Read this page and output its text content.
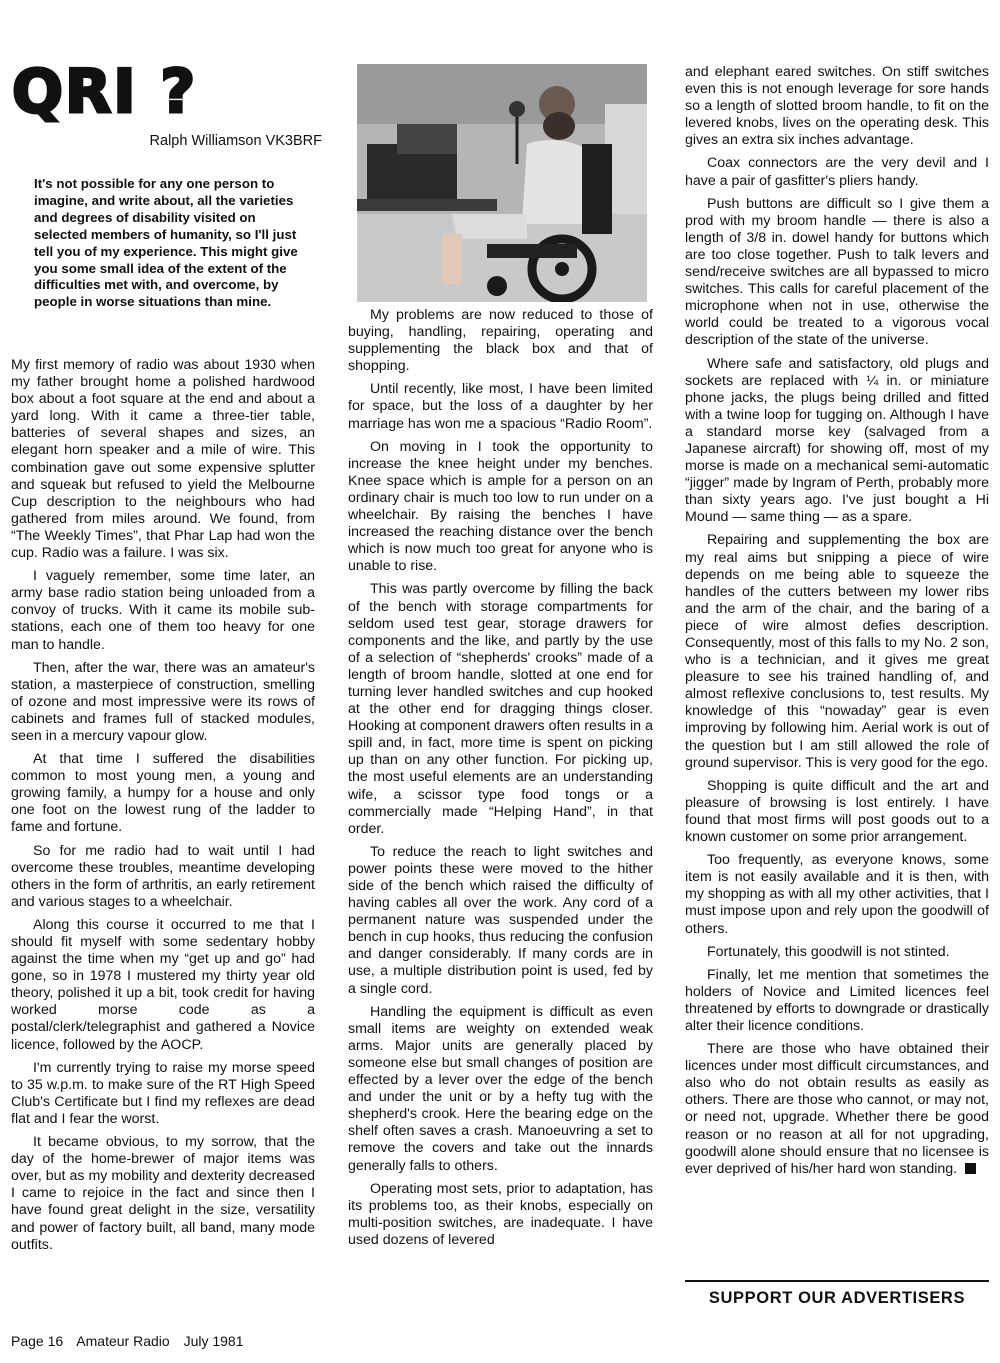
QRI ?
Ralph Williamson VK3BRF

It's not possible for any one person to imagine, and write about, all the varieties and degrees of disability visited on selected members of humanity, so I'll just tell you of my experience. This might give you some small idea of the extent of the difficulties met with, and overcome, by people in worse situations than mine.

My first memory of radio was about 1930 when my father brought home a polished hardwood box about a foot square at the end and about a yard long. With it came a three-tier table, batteries of several shapes and sizes, an elegant horn speaker and a mile of wire. This combination gave out some expensive splutter and squeak but refused to yield the Melbourne Cup description to the neighbours who had gathered from miles around. We found, from “The Weekly Times”, that Phar Lap had won the cup. Radio was a failure. I was six.

I vaguely remember, some time later, an army base radio station being unloaded from a convoy of trucks. With it came its mobile sub-stations, each one of them too heavy for one man to handle.

Then, after the war, there was an amateur's station, a masterpiece of construction, smelling of ozone and most impressive were its rows of cabinets and frames full of stacked modules, seen in a mercury vapour glow.

At that time I suffered the disabilities common to most young men, a young and growing family, a humpy for a house and only one foot on the lowest rung of the ladder to fame and fortune.

So for me radio had to wait until I had overcome these troubles, meantime developing others in the form of arthritis, an early retirement and various stages to a wheelchair.

Along this course it occurred to me that I should fit myself with some sedentary hobby against the time when my “get up and go” had gone, so in 1978 I mustered my thirty year old theory, polished it up a bit, took credit for having worked morse code as a postal/clerk/telegraphist and gathered a Novice licence, followed by the AOCP.

I'm currently trying to raise my morse speed to 35 w.p.m. to make sure of the RT High Speed Club's Certificate but I find my reflexes are dead flat and I fear the worst.

It became obvious, to my sorrow, that the day of the home-brewer of major items was over, but as my mobility and dexterity decreased I came to rejoice in the fact and since then I have found great delight in the size, versatility and power of factory built, all band, many mode outfits.

My problems are now reduced to those of buying, handling, repairing, operating and supplementing the black box and that of shopping.

Until recently, like most, I have been limited for space, but the loss of a daughter by her marriage has won me a spacious “Radio Room”.

On moving in I took the opportunity to increase the knee height under my benches. Knee space which is ample for a person on an ordinary chair is much too low to run under on a wheelchair. By raising the benches I have increased the reaching distance over the bench which is now much too great for anyone who is unable to rise.

This was partly overcome by filling the back of the bench with storage compartments for seldom used test gear, storage drawers for components and the like, and partly by the use of a selection of “shepherds' crooks” made of a length of broom handle, slotted at one end for turning lever handled switches and cup hooked at the other end for dragging things closer. Hooking at component drawers often results in a spill and, in fact, more time is spent on picking up than on any other function. For picking up, the most useful elements are an understanding wife, a scissor type food tongs or a commercially made “Helping Hand”, in that order.

To reduce the reach to light switches and power points these were moved to the hither side of the bench which raised the difficulty of having cables all over the work. Any cord of a permanent nature was suspended under the bench in cup hooks, thus reducing the confusion and danger considerably. If many cords are in use, a multiple distribution point is used, fed by a single cord.

Handling the equipment is difficult as even small items are weighty on extended weak arms. Major units are generally placed by someone else but small changes of position are effected by a lever over the edge of the bench and under the unit or by a hefty tug with the shepherd's crook. Here the bearing edge on the shelf often saves a crash. Manoeuvring a set to remove the covers and take out the innards generally falls to others.

Operating most sets, prior to adaptation, has its problems too, as their knobs, especially on multi-position switches, are inadequate. I have used dozens of levered

and elephant eared switches. On stiff switches even this is not enough leverage for sore hands so a length of slotted broom handle, to fit on the levered knobs, lives on the operating desk. This gives an extra six inches advantage.

Coax connectors are the very devil and I have a pair of gasfitter's pliers handy.

Push buttons are difficult so I give them a prod with my broom handle — there is also a length of 3/8 in. dowel handy for buttons which are too close together. Push to talk levers and send/receive switches are all bypassed to micro switches. This calls for careful placement of the microphone when not in use, otherwise the world could be treated to a vigorous vocal description of the state of the universe.

Where safe and satisfactory, old plugs and sockets are replaced with ¼ in. or miniature phone jacks, the plugs being drilled and fitted with a twine loop for tugging on. Although I have a standard morse key (salvaged from a Japanese aircraft) for showing off, most of my morse is made on a mechanical semi-automatic “jigger” made by Ingram of Perth, probably more than sixty years ago. I've just bought a Hi Mound — same thing — as a spare.

Repairing and supplementing the box are my real aims but snipping a piece of wire depends on me being able to squeeze the handles of the cutters between my lower ribs and the arm of the chair, and the baring of a piece of wire almost defies description. Consequently, most of this falls to my No. 2 son, who is a technician, and it gives me great pleasure to see his trained handling of, and almost reflexive conclusions to, test results. My knowledge of this “nowaday” gear is even improving by following him. Aerial work is out of the question but I am still allowed the role of ground supervisor. This is very good for the ego.

Shopping is quite difficult and the art and pleasure of browsing is lost entirely. I have found that most firms will post goods out to a known customer on some prior arrangement.

Too frequently, as everyone knows, some item is not easily available and it is then, with my shopping as with all my other activities, that I must impose upon and rely upon the goodwill of others.

Fortunately, this goodwill is not stinted.

Finally, let me mention that sometimes the holders of Novice and Limited licences feel threatened by efforts to downgrade or drastically alter their licence conditions.

There are those who have obtained their licences under most difficult circumstances, and also who do not obtain results as easily as others. There are those who cannot, or may not, or need not, upgrade. Whether there be good reason or no reason at all for not upgrading, goodwill alone should ensure that no licensee is ever deprived of his/her hard won standing.

SUPPORT OUR ADVERTISERS
Page 16 Amateur Radio July 1981
